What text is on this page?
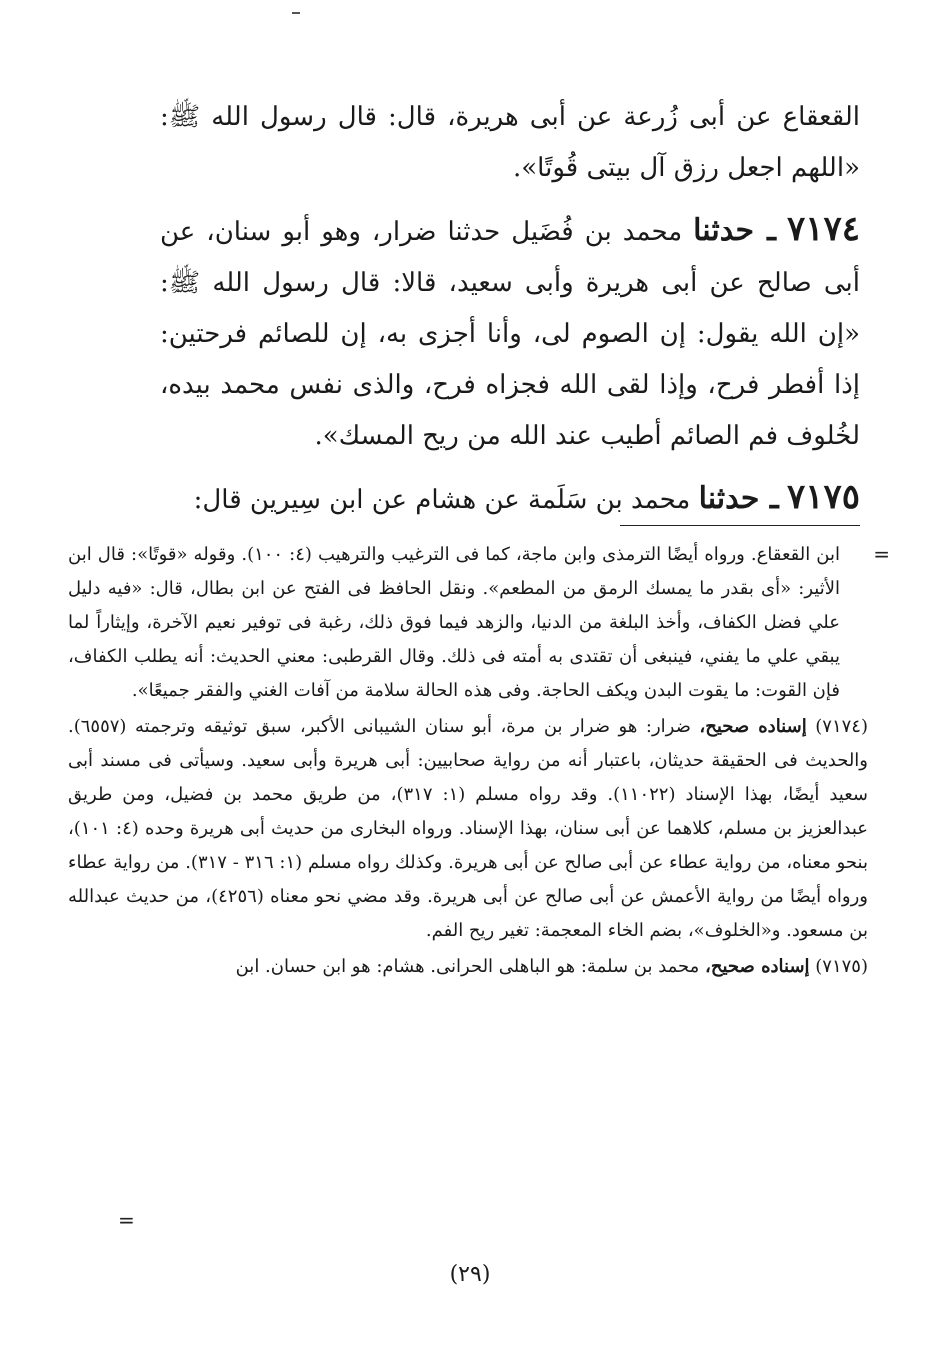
القعقاع عن أبى زُرعة عن أبى هريرة، قال: قال رسول الله ﷺ: «اللهم اجعل رزق آل بيتى قُوتًا».

٧١٧٤ ـ حدثنا محمد بن فُضَيل حدثنا ضرار، وهو أبو سنان، عن أبى صالح عن أبى هريرة وأبى سعيد، قالا: قال رسول الله ﷺ: «إن الله يقول: إن الصوم لى، وأنا أجزى به، إن للصائم فرحتين: إذا أفطر فرح، وإذا لقى الله فجزاه فرح، والذى نفس محمد بيده، لخُلوف فم الصائم أطيب عند الله من ريح المسك».

٧١٧٥ ـ حدثنا محمد بن سَلَمة عن هشام عن ابن سِيرين قال:

=

ابن القعقاع. ورواه أيضًا الترمذى وابن ماجة، كما فى الترغيب والترهيب (٤: ١٠٠). وقوله «قوتًا»: قال ابن الأثير: «أى بقدر ما يمسك الرمق من المطعم». ونقل الحافظ فى الفتح عن ابن بطال، قال: «فيه دليل علي فضل الكفاف، وأخذ البلغة من الدنيا، والزهد فيما فوق ذلك، رغبة فى توفير نعيم الآخرة، وإيثاراً لما يبقي علي ما يفني، فينبغى أن تقتدى به أمته فى ذلك. وقال القرطبى: معني الحديث: أنه يطلب الكفاف، فإن القوت: ما يقوت البدن ويكف الحاجة. وفى هذه الحالة سلامة من آفات الغني والفقر جميعًا».

(٧١٧٤) إسناده صحيح، ضرار: هو ضرار بن مرة، أبو سنان الشيبانى الأكبر، سبق توثيقه وترجمته (٦٥٥٧). والحديث فى الحقيقة حديثان، باعتبار أنه من رواية صحابيين: أبى هريرة وأبى سعيد. وسيأتى فى مسند أبى سعيد أيضًا، بهذا الإسناد (١١٠٢٢). وقد رواه مسلم (١: ٣١٧)، من طريق محمد بن فضيل، ومن طريق عبدالعزيز بن مسلم، كلاهما عن أبى سنان، بهذا الإسناد. ورواه البخارى من حديث أبى هريرة وحده (٤: ١٠١)، بنحو معناه، من رواية عطاء عن أبى صالح عن أبى هريرة. وكذلك رواه مسلم (١: ٣١٦ - ٣١٧). من رواية عطاء ورواه أيضًا من رواية الأعمش عن أبى صالح عن أبى هريرة. وقد مضي نحو معناه (٤٢٥٦)، من حديث عبدالله بن مسعود. و«الخلوف»، بضم الخاء المعجمة: تغير ريح الفم.

(٧١٧٥) إسناده صحيح، محمد بن سلمة: هو الباهلى الحرانى. هشام: هو ابن حسان. ابن

=
(٢٩)
